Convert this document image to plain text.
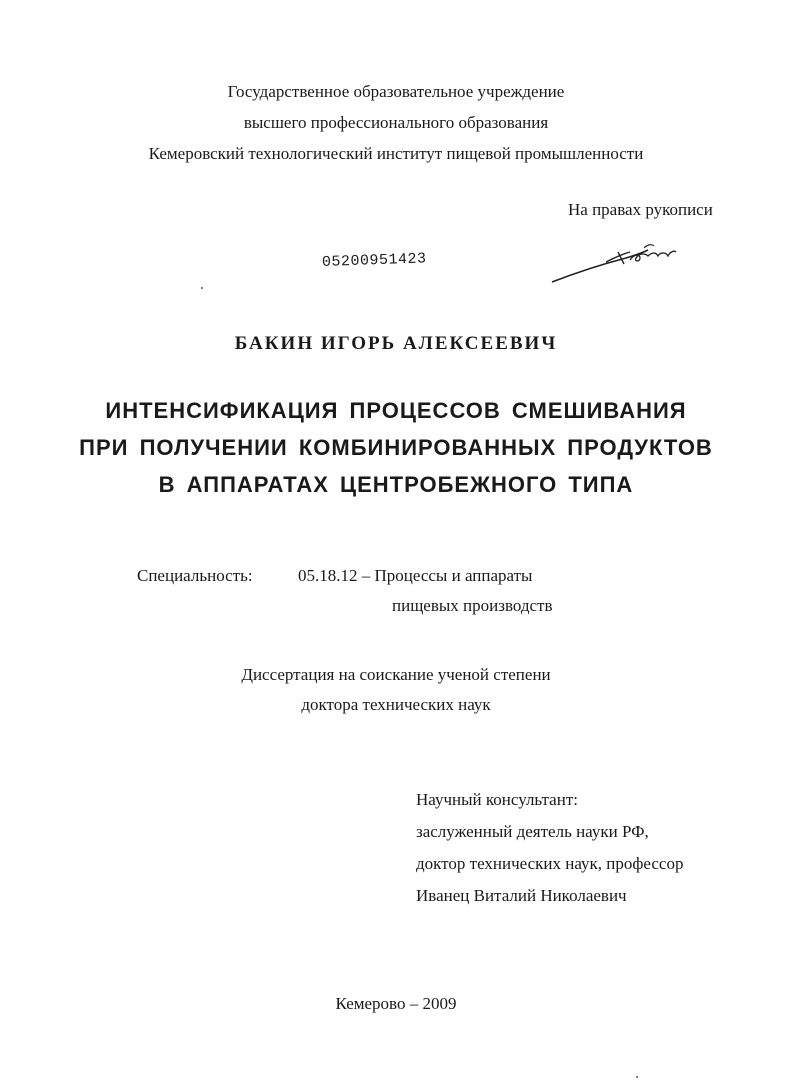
Государственное образовательное учреждение
высшего профессионального образования
Кемеровский технологический институт пищевой промышленности
На правах рукописи
05200951423
БАКИН ИГОРЬ АЛЕКСЕЕВИЧ
ИНТЕНСИФИКАЦИЯ ПРОЦЕССОВ СМЕШИВАНИЯ
ПРИ ПОЛУЧЕНИИ КОМБИНИРОВАННЫХ ПРОДУКТОВ
В АППАРАТАХ ЦЕНТРОБЕЖНОГО ТИПА
Специальность:	05.18.12 – Процессы и аппараты
пищевых производств
Диссертация на соискание ученой степени
доктора технических наук
Научный консультант:
заслуженный деятель науки РФ,
доктор технических наук, профессор
Иванец Виталий Николаевич
Кемерово – 2009
